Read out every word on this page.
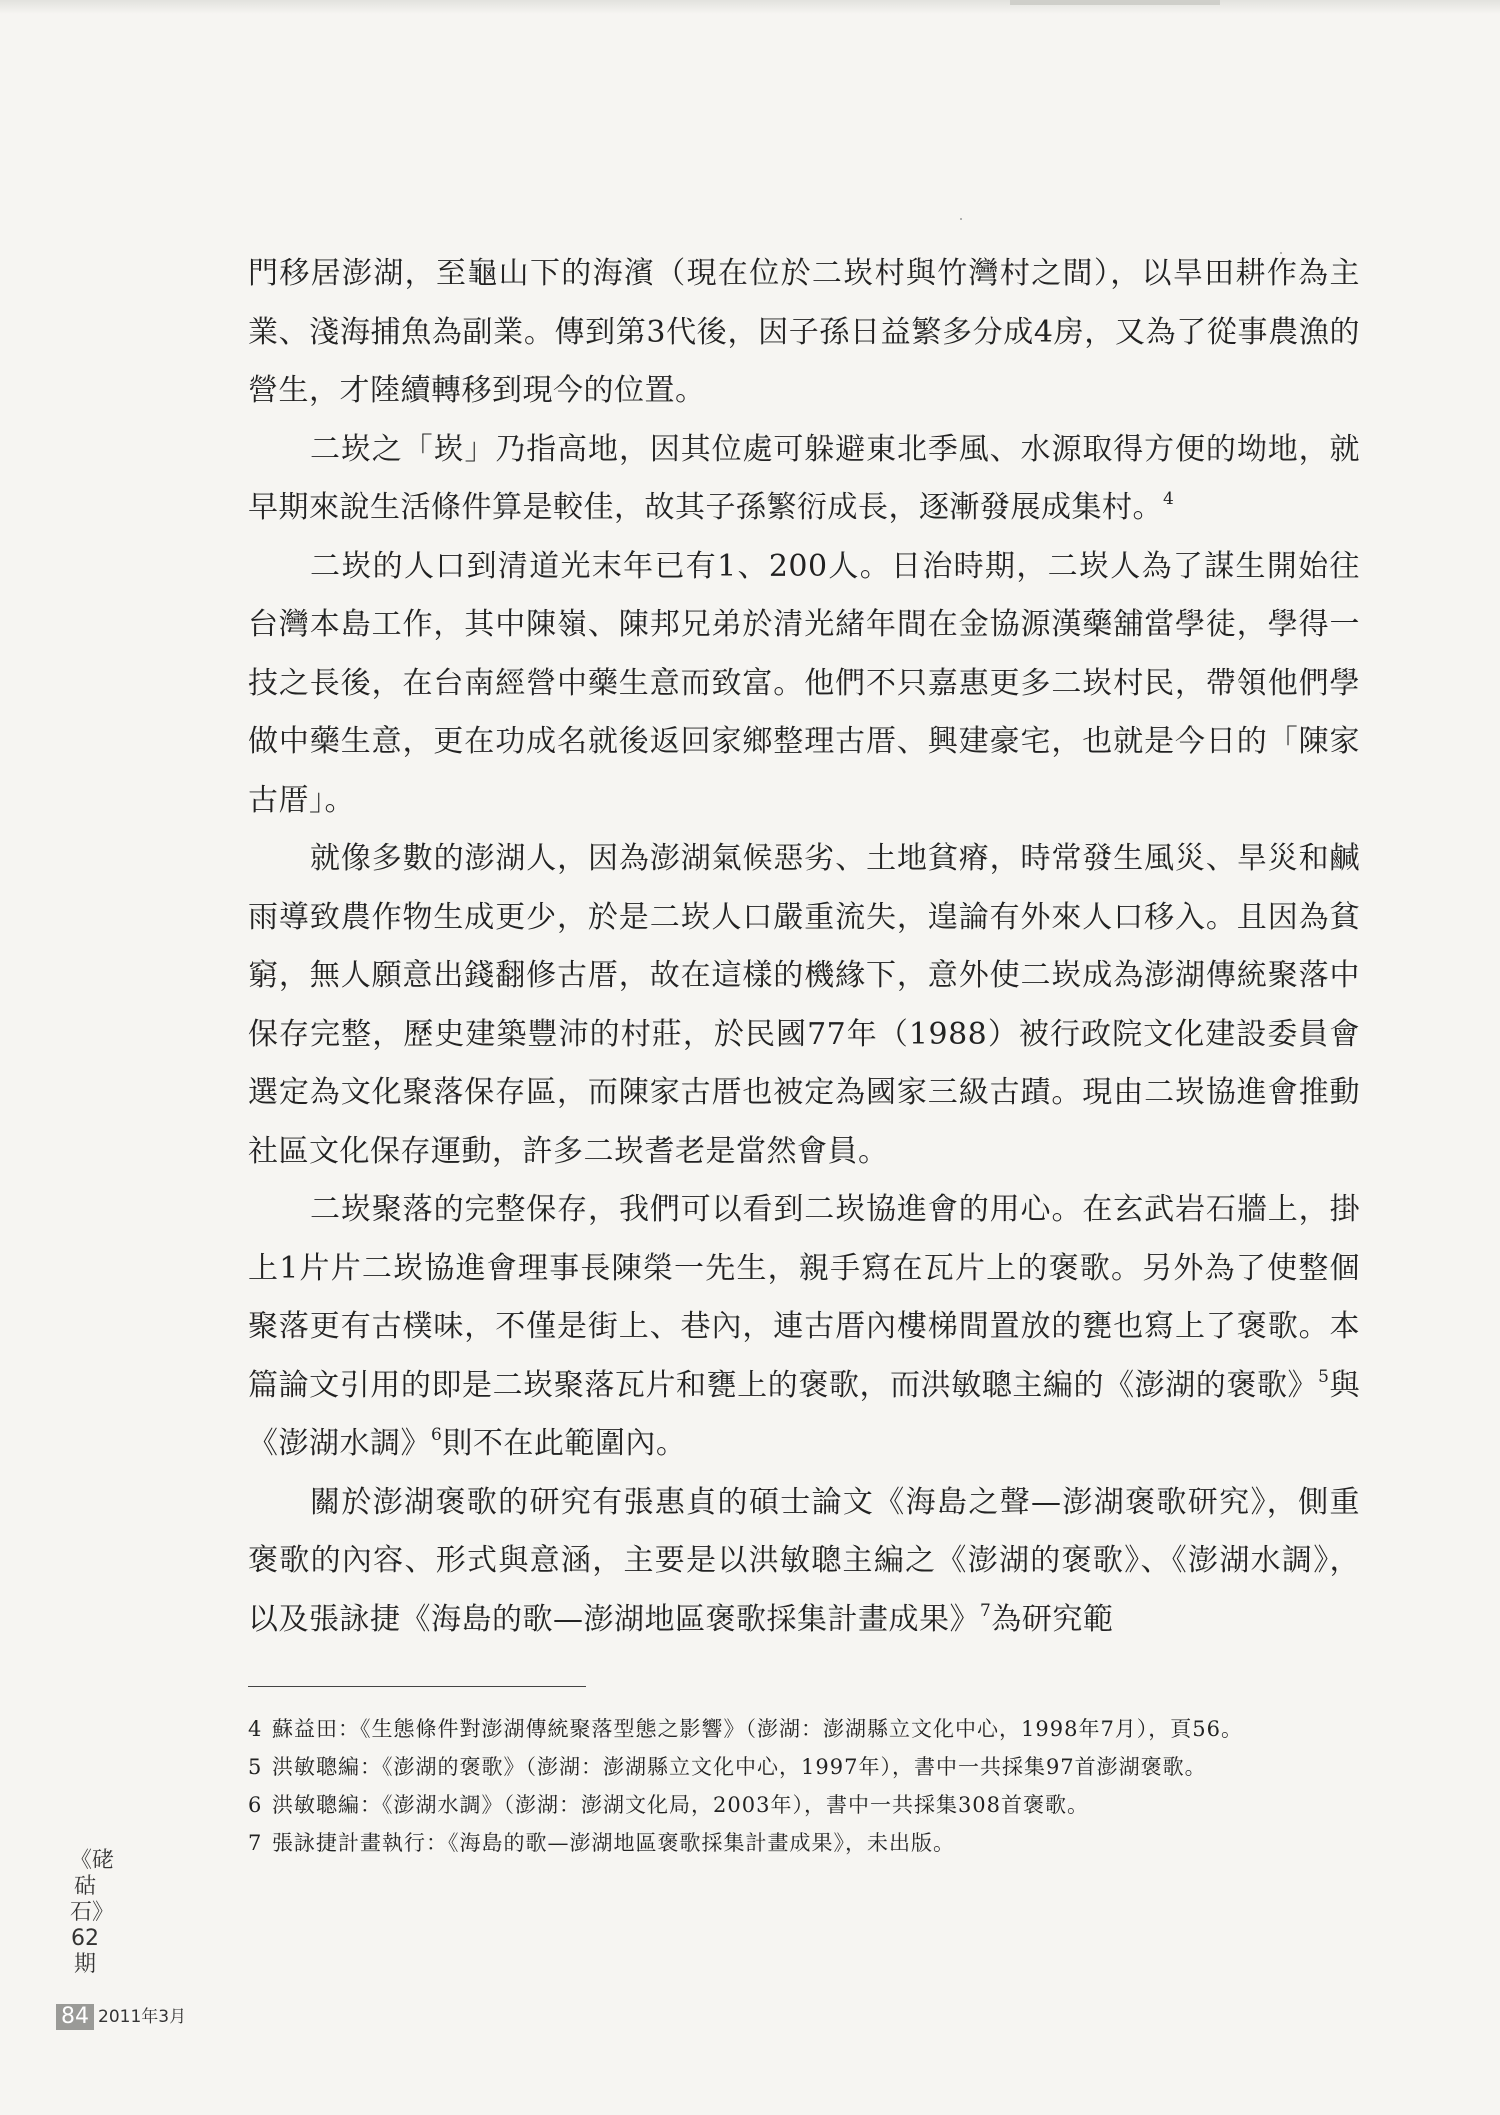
門移居澎湖，至龜山下的海濱（現在位於二崁村與竹灣村之間），以旱田耕作為主業、淺海捕魚為副業。傳到第3代後，因子孫日益繁多分成4房，又為了從事農漁的營生，才陸續轉移到現今的位置。

二崁之「崁」乃指高地，因其位處可躲避東北季風、水源取得方便的坳地，就早期來說生活條件算是較佳，故其子孫繁衍成長，逐漸發展成集村。$^4$

二崁的人口到清道光末年已有1、200人。日治時期，二崁人為了謀生開始往台灣本島工作，其中陳嶺、陳邦兄弟於清光緒年間在金協源漢藥舖當學徒，學得一技之長後，在台南經營中藥生意而致富。他們不只嘉惠更多二崁村民，帶領他們學做中藥生意，更在功成名就後返回家鄉整理古厝、興建豪宅，也就是今日的「陳家古厝」。

就像多數的澎湖人，因為澎湖氣候惡劣、土地貧瘠，時常發生風災、旱災和鹹雨導致農作物生成更少，於是二崁人口嚴重流失，遑論有外來人口移入。且因為貧窮，無人願意出錢翻修古厝，故在這樣的機緣下，意外使二崁成為澎湖傳統聚落中保存完整，歷史建築豐沛的村莊，於民國77年（1988）被行政院文化建設委員會選定為文化聚落保存區，而陳家古厝也被定為國家三級古蹟。現由二崁協進會推動社區文化保存運動，許多二崁耆老是當然會員。

二崁聚落的完整保存，我們可以看到二崁協進會的用心。在玄武岩石牆上，掛上1片片二崁協進會理事長陳榮一先生，親手寫在瓦片上的褒歌。另外為了使整個聚落更有古樸味，不僅是街上、巷內，連古厝內樓梯間置放的甕也寫上了褒歌。本篇論文引用的即是二崁聚落瓦片和甕上的褒歌，而洪敏聰主編的《澎湖的褒歌》$^5$與《澎湖水調》$^6$則不在此範圍內。

關於澎湖褒歌的研究有張惠貞的碩士論文《海島之聲—澎湖褒歌研究》，側重褒歌的內容、形式與意涵，主要是以洪敏聰主編之《澎湖的褒歌》、《澎湖水調》，以及張詠捷《海島的歌—澎湖地區褒歌採集計畫成果》$^7$為研究範

4 蘇益田：《生態條件對澎湖傳統聚落型態之影響》（澎湖：澎湖縣立文化中心，1998年7月），頁56。

5 洪敏聰編：《澎湖的褒歌》（澎湖：澎湖縣立文化中心，1997年），書中一共採集97首澎湖褒歌。

6 洪敏聰編：《澎湖水調》（澎湖：澎湖文化局，2003年），書中一共採集308首褒歌。

7 張詠捷計畫執行：《海島的歌—澎湖地區褒歌採集計畫成果》，未出版。

《硓𥑮石》62期
84 2011年3月
